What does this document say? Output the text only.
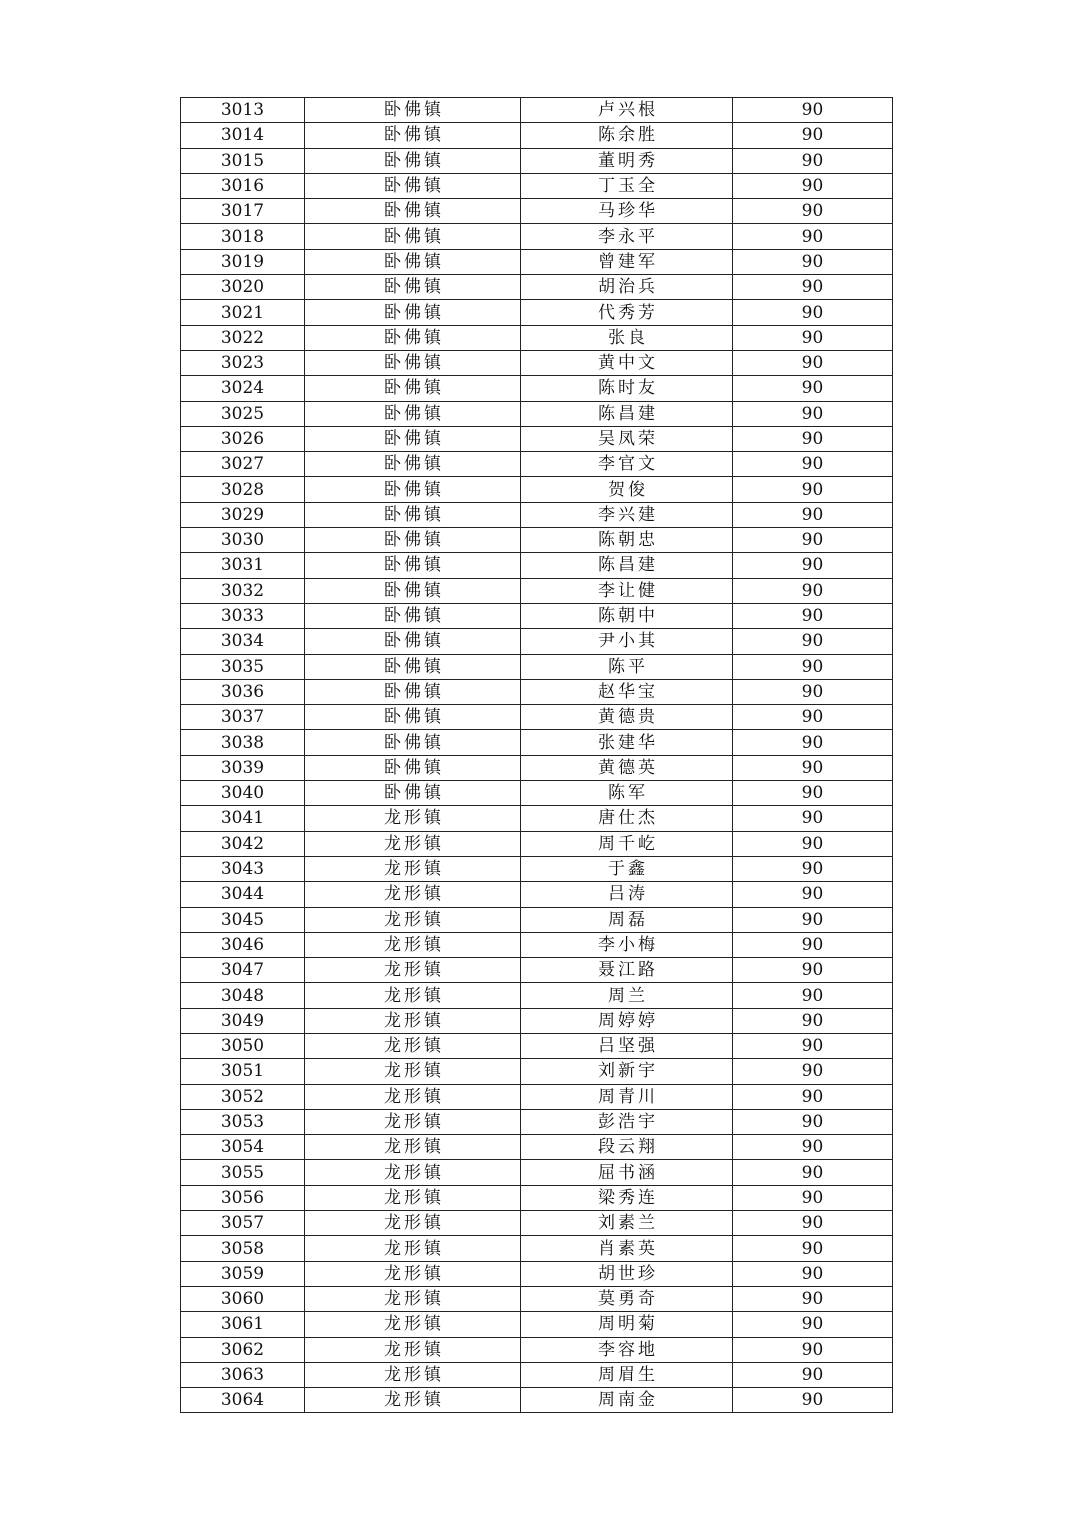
3013	卧佛镇	卢兴根	90
3014	卧佛镇	陈余胜	90
3015	卧佛镇	董明秀	90
3016	卧佛镇	丁玉全	90
3017	卧佛镇	马珍华	90
3018	卧佛镇	李永平	90
3019	卧佛镇	曾建军	90
3020	卧佛镇	胡治兵	90
3021	卧佛镇	代秀芳	90
3022	卧佛镇	张良	90
3023	卧佛镇	黄中文	90
3024	卧佛镇	陈时友	90
3025	卧佛镇	陈昌建	90
3026	卧佛镇	吴凤荣	90
3027	卧佛镇	李官文	90
3028	卧佛镇	贺俊	90
3029	卧佛镇	李兴建	90
3030	卧佛镇	陈朝忠	90
3031	卧佛镇	陈昌建	90
3032	卧佛镇	李让健	90
3033	卧佛镇	陈朝中	90
3034	卧佛镇	尹小其	90
3035	卧佛镇	陈平	90
3036	卧佛镇	赵华宝	90
3037	卧佛镇	黄德贵	90
3038	卧佛镇	张建华	90
3039	卧佛镇	黄德英	90
3040	卧佛镇	陈军	90
3041	龙形镇	唐仕杰	90
3042	龙形镇	周千屹	90
3043	龙形镇	于鑫	90
3044	龙形镇	吕涛	90
3045	龙形镇	周磊	90
3046	龙形镇	李小梅	90
3047	龙形镇	聂江路	90
3048	龙形镇	周兰	90
3049	龙形镇	周婷婷	90
3050	龙形镇	吕坚强	90
3051	龙形镇	刘新宇	90
3052	龙形镇	周青川	90
3053	龙形镇	彭浩宇	90
3054	龙形镇	段云翔	90
3055	龙形镇	屈书涵	90
3056	龙形镇	梁秀连	90
3057	龙形镇	刘素兰	90
3058	龙形镇	肖素英	90
3059	龙形镇	胡世珍	90
3060	龙形镇	莫勇奇	90
3061	龙形镇	周明菊	90
3062	龙形镇	李容地	90
3063	龙形镇	周眉生	90
3064	龙形镇	周南金	90
